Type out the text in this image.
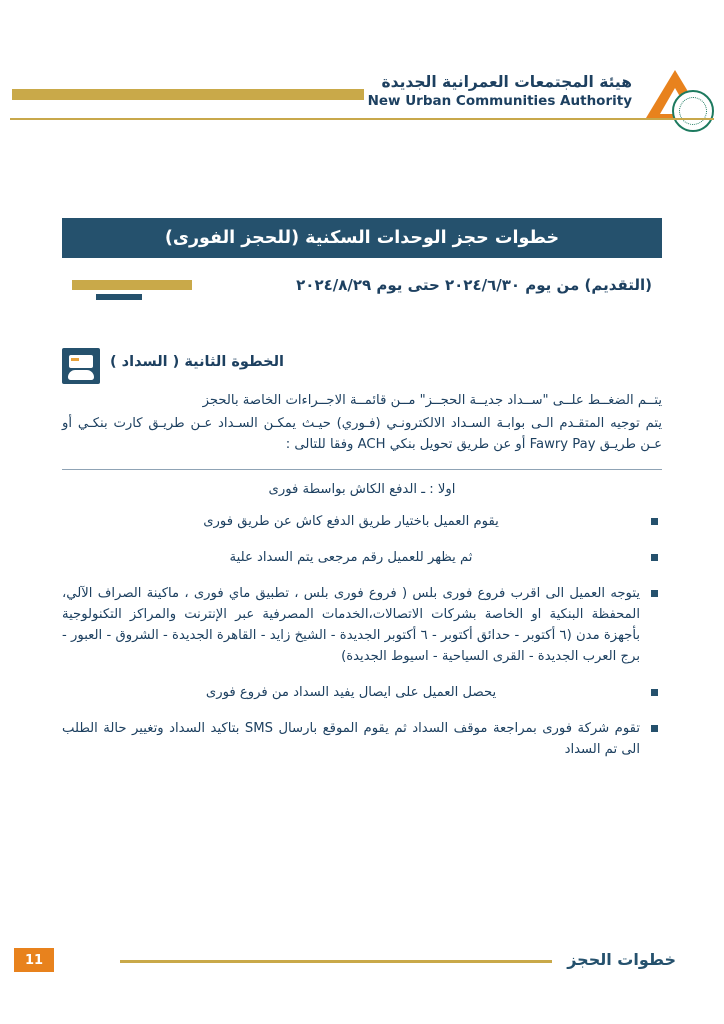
هيئة المجتمعات العمرانية الجديدة
New Urban Communities Authority
خطوات حجز الوحدات السكنية (للحجز الفورى)
(التقديم) من يوم ٢٠٢٤/٦/٣٠ حتى يوم ٢٠٢٤/٨/٢٩
الخطوة الثانية ( السداد )

يتــم الضغــط علــى "ســداد جديــة الحجــز" مــن قائمــة الاجــراءات الخاصة بالحجز

يتم توجيه المتقـدم الـى بوابـة السـداد الالكترونـي (فـوري) حيـث يمكـن السـداد عـن طريـق كارت بنكـي أو عـن طريـق Fawry Pay أو عن طريق تحويل بنكي ACH وفقا للتالى :

اولا : ـ الدفع الكاش بواسطة فورى
يقوم العميل باختيار طريق الدفع كاش عن طريق فورى
ثم يظهر للعميل رقم مرجعى يتم السداد علية
يتوجه العميل الى اقرب فروع فورى بلس ( فروع فورى بلس ، تطبيق ماي فورى ، ماكينة الصراف الآلي، المحفظة البنكية او الخاصة بشركات الاتصالات،الخدمات المصرفية عبر الإنترنت والمراكز التكنولوجية بأجهزة مدن (٦ أكتوبر - حدائق أكتوبر - ٦ أكتوبر الجديدة - الشيخ زايد - القاهرة الجديدة - الشروق - العبور - برج العرب الجديدة - القرى السياحية - اسيوط الجديدة)
يحصل العميل على ايصال يفيد السداد من فروع فورى
تقوم شركة فورى بمراجعة موقف السداد ثم يقوم الموقع بارسال SMS بتاكيد السداد وتغيير حالة الطلب الى تم السداد
خطوات الحجز
11
